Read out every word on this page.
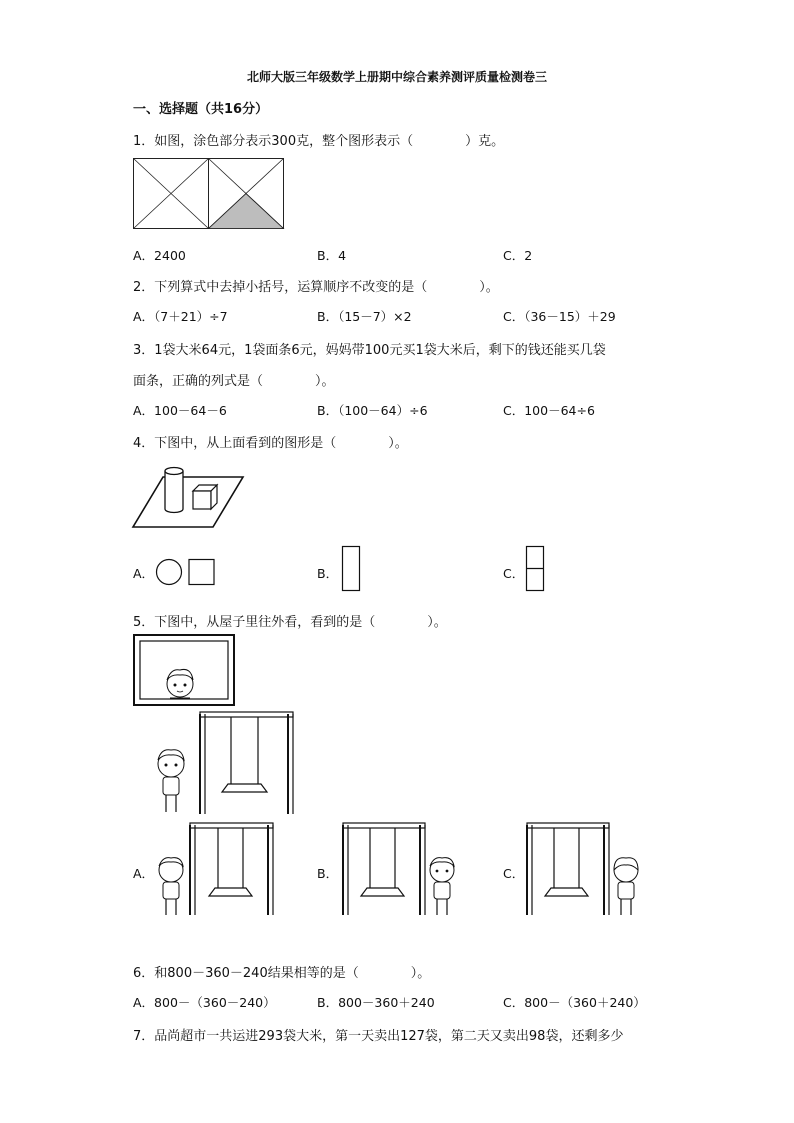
北师大版三年级数学上册期中综合素养测评质量检测卷三
一、选择题（共16分）
1．如图，涂色部分表示300克，整个图形表示（　　　　）克。
A．2400	B．4	C．2
2．下列算式中去掉小括号，运算顺序不改变的是（　　　　）。
A．（7＋21）÷7	B．（15－7）×2	C．（36－15）＋29
3．1袋大米64元，1袋面条6元，妈妈带100元买1袋大米后，剩下的钱还能买几袋
面条，正确的列式是（　　　　）。
A．100－64－6	B．（100－64）÷6	C．100－64÷6
4．下图中，从上面看到的图形是（　　　　）。
A．	B．	C．
5．下图中，从屋子里往外看，看到的是（　　　　）。
A．	B．	C．
6．和800－360－240结果相等的是（　　　　）。
A．800－（360－240）	B．800－360＋240	C．800－（360＋240）
7．品尚超市一共运进293袋大米，第一天卖出127袋，第二天又卖出98袋，还剩多少
